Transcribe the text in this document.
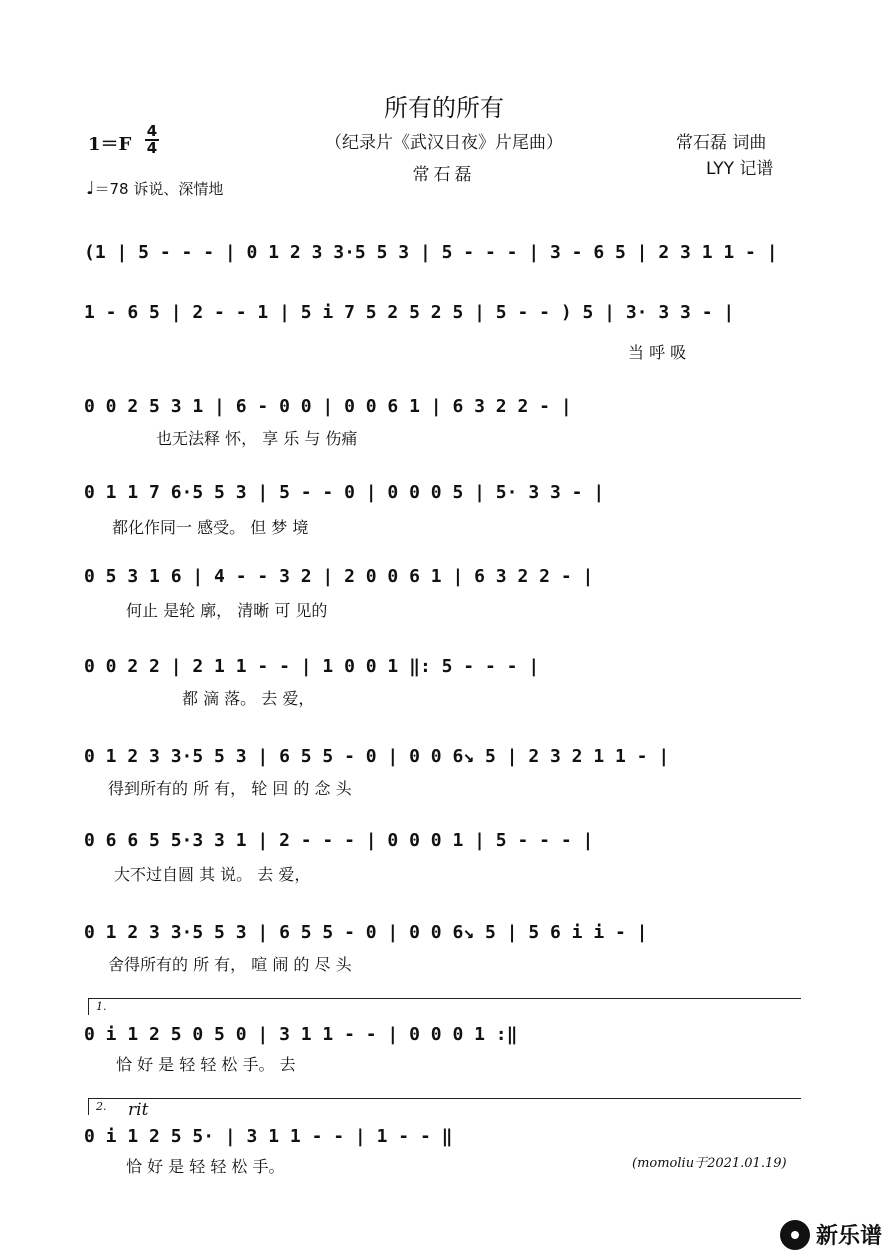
所有的所有
（纪录片《武汉日夜》片尾曲）
常石磊
1＝F
4
4
♩＝78 诉说、深情地
常石磊 词曲
LYY 记谱
(1 | 5 - - - | 0 1 2 3 3·5 5 3 | 5 - - - | 3 - 6 5 | 2 3 1 1 - |
1 - 6 5 | 2 - - 1 | 5 i 7 5 2 5 2 5 | 5 - - ) 5 | 3· 3 3 - |
当 呼 吸
0 0 2 5 3 1 | 6 - 0 0 | 0 0 6 1 | 6 3 2 2 - |
也无法释 怀， 享 乐 与 伤痛
0 1 1 7 6·5 5 3 | 5 - - 0 | 0 0 0 5 | 5· 3 3 - |
都化作同一 感受。 但 梦 境
0 5 3 1 6 | 4 - - 3 2 | 2 0 0 6 1 | 6 3 2 2 - |
何止 是轮 廓， 清晰 可 见的
0 0 2 2 | 2 1 1 - - | 1 0 0 1 ‖: 5 - - - |
都 滴 落。 去 爱，
0 1 2 3 3·5 5 3 | 6 5 5 - 0 | 0 0 6↘ 5 | 2 3 2 1 1 - |
得到所有的 所 有， 轮 回 的 念 头
0 6 6 5 5·3 3 1 | 2 - - - | 0 0 0 1 | 5 - - - |
大不过自圆 其 说。 去 爱，
0 1 2 3 3·5 5 3 | 6 5 5 - 0 | 0 0 6↘ 5 | 5 6 i i - |
舍得所有的 所 有， 喧 闹 的 尽 头
1.
0 i 1 2 5 0 5 0 | 3 1 1 - - | 0 0 0 1 :‖
恰 好 是 轻 轻 松 手。 去
2. rit
0 i 1 2 5 5· | 3 1 1 - - | 1 - - ‖
恰 好 是 轻 轻 松 手。	(momoliu于2021.01.19)
新乐谱
